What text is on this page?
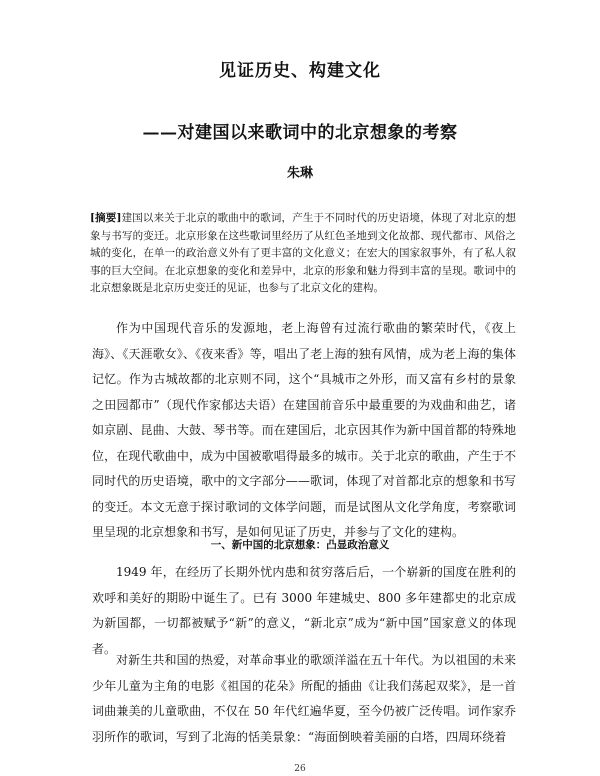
见证历史、构建文化
——对建国以来歌词中的北京想象的考察
朱琳
[摘要]建国以来关于北京的歌曲中的歌词，产生于不同时代的历史语境，体现了对北京的想象与书写的变迁。北京形象在这些歌词里经历了从红色圣地到文化故都、现代都市、风俗之城的变化，在单一的政治意义外有了更丰富的文化意义；在宏大的国家叙事外，有了私人叙事的巨大空间。在北京想象的变化和差异中，北京的形象和魅力得到丰富的呈现。歌词中的北京想象既是北京历史变迁的见证，也参与了北京文化的建构。

作为中国现代音乐的发源地，老上海曾有过流行歌曲的繁荣时代，《夜上海》、《天涯歌女》、《夜来香》等，唱出了老上海的独有风情，成为老上海的集体记忆。作为古城故都的北京则不同，这个“具城市之外形，而又富有乡村的景象之田园都市”（现代作家郁达夫语）在建国前音乐中最重要的为戏曲和曲艺，诸如京剧、昆曲、大鼓、琴书等。而在建国后，北京因其作为新中国首都的特殊地位，在现代歌曲中，成为中国被歌唱得最多的城市。关于北京的歌曲，产生于不同时代的历史语境，歌中的文字部分——歌词，体现了对首都北京的想象和书写的变迁。本文无意于探讨歌词的文体学问题，而是试图从文化学角度，考察歌词里呈现的北京想象和书写，是如何见证了历史，并参与了文化的建构。

一、新中国的北京想象：凸显政治意义

1949 年，在经历了长期外忧内患和贫穷落后后，一个崭新的国度在胜利的欢呼和美好的期盼中诞生了。已有 3000 年建城史、800 多年建都史的北京成为新国都，一切都被赋予“新”的意义，“新北京”成为“新中国”国家意义的体现者。

对新生共和国的热爱，对革命事业的歌颂洋溢在五十年代。为以祖国的未来少年儿童为主角的电影《祖国的花朵》所配的插曲《让我们荡起双桨》，是一首词曲兼美的儿童歌曲，不仅在 50 年代红遍华夏，至今仍被广泛传唱。词作家乔羽所作的歌词，写到了北海的恬美景象：“海面倒映着美丽的白塔，四周环绕着

26
